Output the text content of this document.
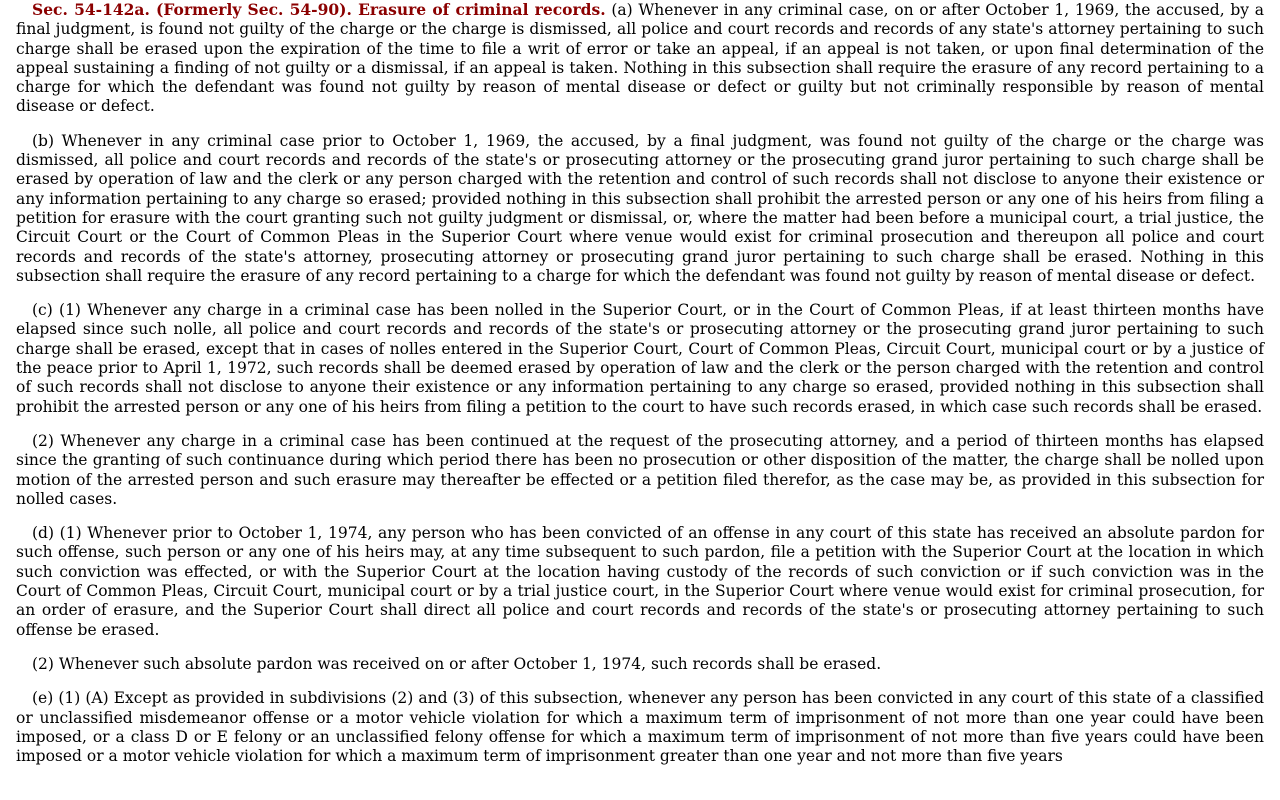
Sec. 54-142a. (Formerly Sec. 54-90). Erasure of criminal records. (a) Whenever in any criminal case, on or after October 1, 1969, the accused, by a final judgment, is found not guilty of the charge or the charge is dismissed, all police and court records and records of any state's attorney pertaining to such charge shall be erased upon the expiration of the time to file a writ of error or take an appeal, if an appeal is not taken, or upon final determination of the appeal sustaining a finding of not guilty or a dismissal, if an appeal is taken. Nothing in this subsection shall require the erasure of any record pertaining to a charge for which the defendant was found not guilty by reason of mental disease or defect or guilty but not criminally responsible by reason of mental disease or defect.

(b) Whenever in any criminal case prior to October 1, 1969, the accused, by a final judgment, was found not guilty of the charge or the charge was dismissed, all police and court records and records of the state's or prosecuting attorney or the prosecuting grand juror pertaining to such charge shall be erased by operation of law and the clerk or any person charged with the retention and control of such records shall not disclose to anyone their existence or any information pertaining to any charge so erased; provided nothing in this subsection shall prohibit the arrested person or any one of his heirs from filing a petition for erasure with the court granting such not guilty judgment or dismissal, or, where the matter had been before a municipal court, a trial justice, the Circuit Court or the Court of Common Pleas in the Superior Court where venue would exist for criminal prosecution and thereupon all police and court records and records of the state's attorney, prosecuting attorney or prosecuting grand juror pertaining to such charge shall be erased. Nothing in this subsection shall require the erasure of any record pertaining to a charge for which the defendant was found not guilty by reason of mental disease or defect.

(c) (1) Whenever any charge in a criminal case has been nolled in the Superior Court, or in the Court of Common Pleas, if at least thirteen months have elapsed since such nolle, all police and court records and records of the state's or prosecuting attorney or the prosecuting grand juror pertaining to such charge shall be erased, except that in cases of nolles entered in the Superior Court, Court of Common Pleas, Circuit Court, municipal court or by a justice of the peace prior to April 1, 1972, such records shall be deemed erased by operation of law and the clerk or the person charged with the retention and control of such records shall not disclose to anyone their existence or any information pertaining to any charge so erased, provided nothing in this subsection shall prohibit the arrested person or any one of his heirs from filing a petition to the court to have such records erased, in which case such records shall be erased.

(2) Whenever any charge in a criminal case has been continued at the request of the prosecuting attorney, and a period of thirteen months has elapsed since the granting of such continuance during which period there has been no prosecution or other disposition of the matter, the charge shall be nolled upon motion of the arrested person and such erasure may thereafter be effected or a petition filed therefor, as the case may be, as provided in this subsection for nolled cases.

(d) (1) Whenever prior to October 1, 1974, any person who has been convicted of an offense in any court of this state has received an absolute pardon for such offense, such person or any one of his heirs may, at any time subsequent to such pardon, file a petition with the Superior Court at the location in which such conviction was effected, or with the Superior Court at the location having custody of the records of such conviction or if such conviction was in the Court of Common Pleas, Circuit Court, municipal court or by a trial justice court, in the Superior Court where venue would exist for criminal prosecution, for an order of erasure, and the Superior Court shall direct all police and court records and records of the state's or prosecuting attorney pertaining to such offense be erased.

(2) Whenever such absolute pardon was received on or after October 1, 1974, such records shall be erased.

(e) (1) (A) Except as provided in subdivisions (2) and (3) of this subsection, whenever any person has been convicted in any court of this state of a classified or unclassified misdemeanor offense or a motor vehicle violation for which a maximum term of imprisonment of not more than one year could have been imposed, or a class D or E felony or an unclassified felony offense for which a maximum term of imprisonment of not more than five years could have been imposed or a motor vehicle violation for which a maximum term of imprisonment greater than one year and not more than five years
